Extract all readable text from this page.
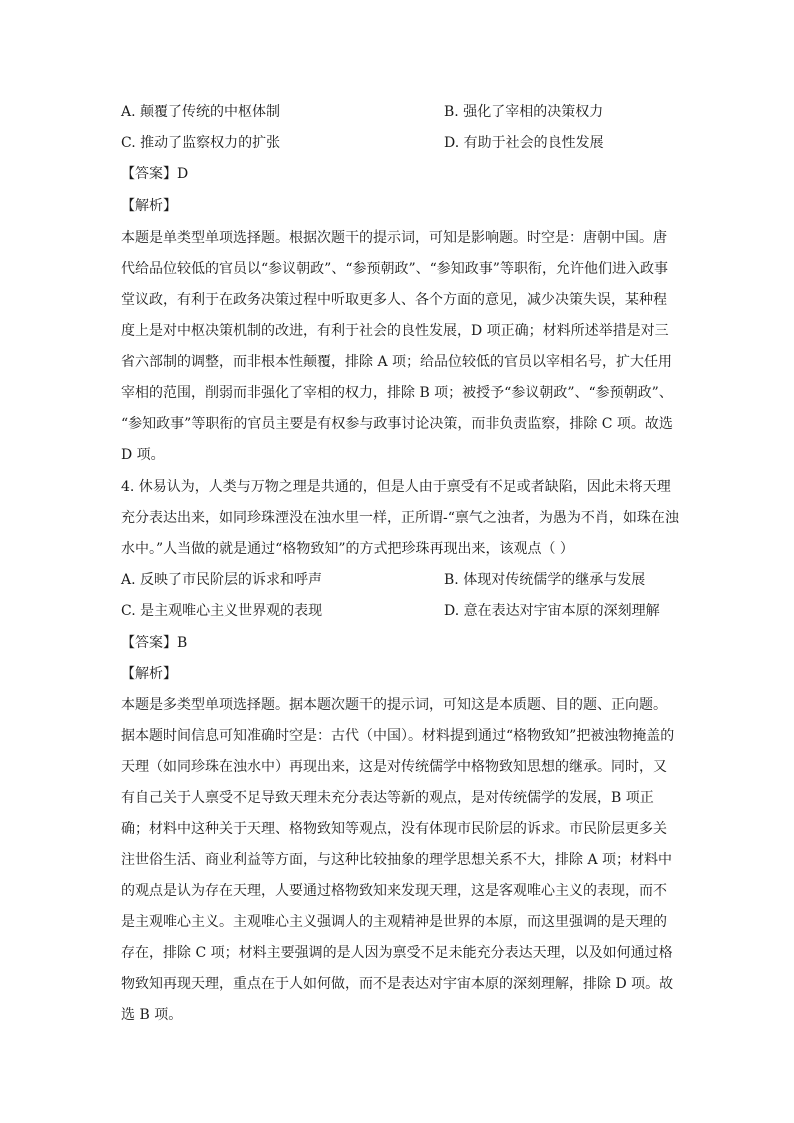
A. 颠覆了传统的中枢体制	B. 强化了宰相的决策权力
C. 推动了监察权力的扩张	D. 有助于社会的良性发展
【答案】D
【解析】
本题是单类型单项选择题。根据次题干的提示词，可知是影响题。时空是：唐朝中国。唐
代给品位较低的官员以“参议朝政”、“参预朝政”、“参知政事”等职衔，允许他们进入政事
堂议政，有利于在政务决策过程中听取更多人、各个方面的意见，减少决策失误，某种程
度上是对中枢决策机制的改进，有利于社会的良性发展，D 项正确；材料所述举措是对三
省六部制的调整，而非根本性颠覆，排除 A 项；给品位较低的官员以宰相名号，扩大任用
宰相的范围，削弱而非强化了宰相的权力，排除 B 项；被授予“参议朝政”、“参预朝政”、
“参知政事”等职衔的官员主要是有权参与政事讨论决策，而非负责监察，排除 C 项。故选
D 项。
4. 休易认为，人类与万物之理是共通的，但是人由于禀受有不足或者缺陷，因此未将天理
充分表达出来，如同珍珠湮没在浊水里一样，正所谓-“禀气之浊者，为愚为不肖，如珠在浊
水中。”人当做的就是通过“格物致知”的方式把珍珠再现出来，该观点（ ）
A. 反映了市民阶层的诉求和呼声	B. 体现对传统儒学的继承与发展
C. 是主观唯心主义世界观的表现	D. 意在表达对宇宙本原的深刻理解
【答案】B
【解析】
本题是多类型单项选择题。据本题次题干的提示词，可知这是本质题、目的题、正向题。
据本题时间信息可知准确时空是：古代（中国）。材料提到通过“格物致知”把被浊物掩盖的
天理（如同珍珠在浊水中）再现出来，这是对传统儒学中格物致知思想的继承。同时，又
有自己关于人禀受不足导致天理未充分表达等新的观点，是对传统儒学的发展，B 项正
确；材料中这种关于天理、格物致知等观点，没有体现市民阶层的诉求。市民阶层更多关
注世俗生活、商业利益等方面，与这种比较抽象的理学思想关系不大，排除 A 项；材料中
的观点是认为存在天理，人要通过格物致知来发现天理，这是客观唯心主义的表现，而不
是主观唯心主义。主观唯心主义强调人的主观精神是世界的本原，而这里强调的是天理的
存在，排除 C 项；材料主要强调的是人因为禀受不足未能充分表达天理，以及如何通过格
物致知再现天理，重点在于人如何做，而不是表达对宇宙本原的深刻理解，排除 D 项。故
选 B 项。
